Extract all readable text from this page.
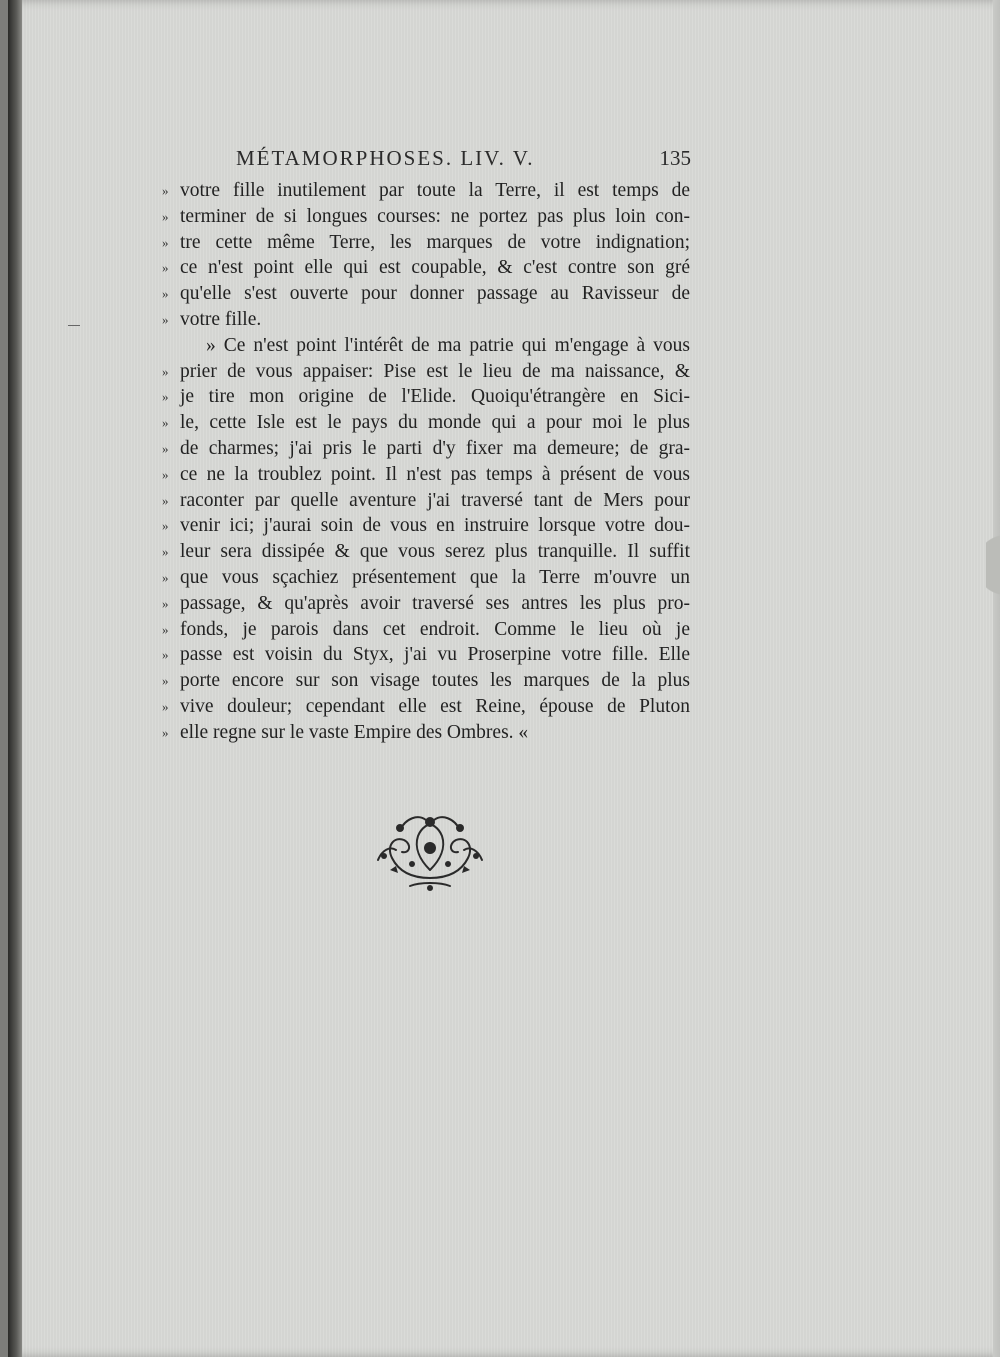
MÉTAMORPHOSES. LIV. V.	135
» votre fille inutilement par toute la Terre, il est temps de
» terminer de si longues courses: ne portez pas plus loin con-
» tre cette même Terre, les marques de votre indignation;
» ce n'est point elle qui est coupable, & c'est contre son gré
» qu'elle s'est ouverte pour donner passage au Ravisseur de
» votre fille.
» Ce n'est point l'intérêt de ma patrie qui m'engage à vous
» prier de vous appaiser: Pise est le lieu de ma naissance, &
» je tire mon origine de l'Elide. Quoiqu'étrangère en Sici-
» le, cette Isle est le pays du monde qui a pour moi le plus
» de charmes; j'ai pris le parti d'y fixer ma demeure; de gra-
» ce ne la troublez point. Il n'est pas temps à présent de vous
» raconter par quelle aventure j'ai traversé tant de Mers pour
» venir ici; j'aurai soin de vous en instruire lorsque votre dou-
» leur sera dissipée & que vous serez plus tranquille. Il suffit
» que vous sçachiez présentement que la Terre m'ouvre un
» passage, & qu'après avoir traversé ses antres les plus pro-
» fonds, je parois dans cet endroit. Comme le lieu où je
» passe est voisin du Styx, j'ai vu Proserpine votre fille. Elle
» porte encore sur son visage toutes les marques de la plus
» vive douleur; cependant elle est Reine, épouse de Pluton
» elle regne sur le vaste Empire des Ombres. «
